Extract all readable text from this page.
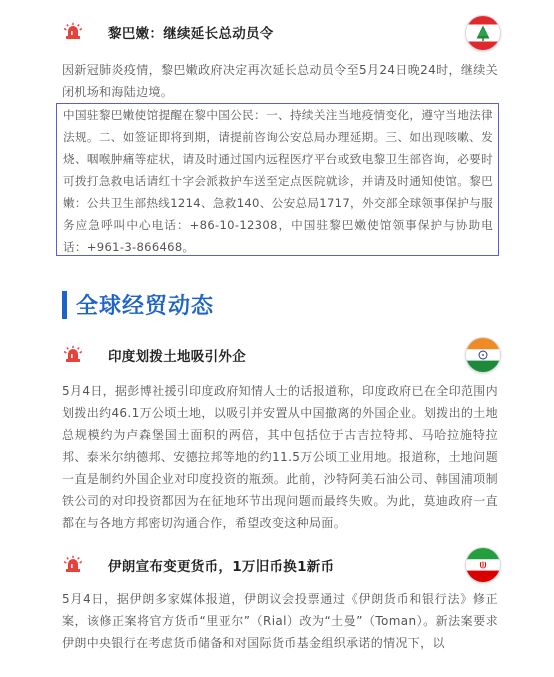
黎巴嫩：继续延长总动员令

因新冠肺炎疫情，黎巴嫩政府决定再次延长总动员令至5月24日晚24时，继续关闭机场和海陆边境。

中国驻黎巴嫩使馆提醒在黎中国公民：一、持续关注当地疫情变化，遵守当地法律法规。二、如签证即将到期，请提前咨询公安总局办理延期。三、如出现咳嗽、发烧、咽喉肿痛等症状，请及时通过国内远程医疗平台或致电黎卫生部咨询，必要时可拨打急救电话请红十字会派救护车送至定点医院就诊，并请及时通知使馆。黎巴嫩：公共卫生部热线1214、急救140、公安总局1717，外交部全球领事保护与服务应急呼叫中心电话：+86-10-12308，中国驻黎巴嫩使馆领事保护与协助电话：+961-3-866468。

全球经贸动态
印度划拨土地吸引外企

5月4日，据彭博社援引印度政府知情人士的话报道称，印度政府已在全印范围内划拨出约46.1万公顷土地，以吸引并安置从中国撤离的外国企业。划拨出的土地总规模约为卢森堡国土面积的两倍，其中包括位于古吉拉特邦、马哈拉施特拉邦、泰米尔纳德邦、安德拉邦等地的约11.5万公顷工业用地。报道称，土地问题一直是制约外国企业对印度投资的瓶颈。此前，沙特阿美石油公司、韩国浦项制铁公司的对印投资都因为在征地环节出现问题而最终失败。为此，莫迪政府一直都在与各地方邦密切沟通合作，希望改变这种局面。

伊朗宣布变更货币，1万旧币换1新币

5月4日，据伊朗多家媒体报道，伊朗议会投票通过《伊朗货币和银行法》修正案，该修正案将官方货币“里亚尔”（Rial）改为“土曼”（Toman）。新法案要求伊朗中央银行在考虑货币储备和对国际货币基金组织承诺的情况下，以
